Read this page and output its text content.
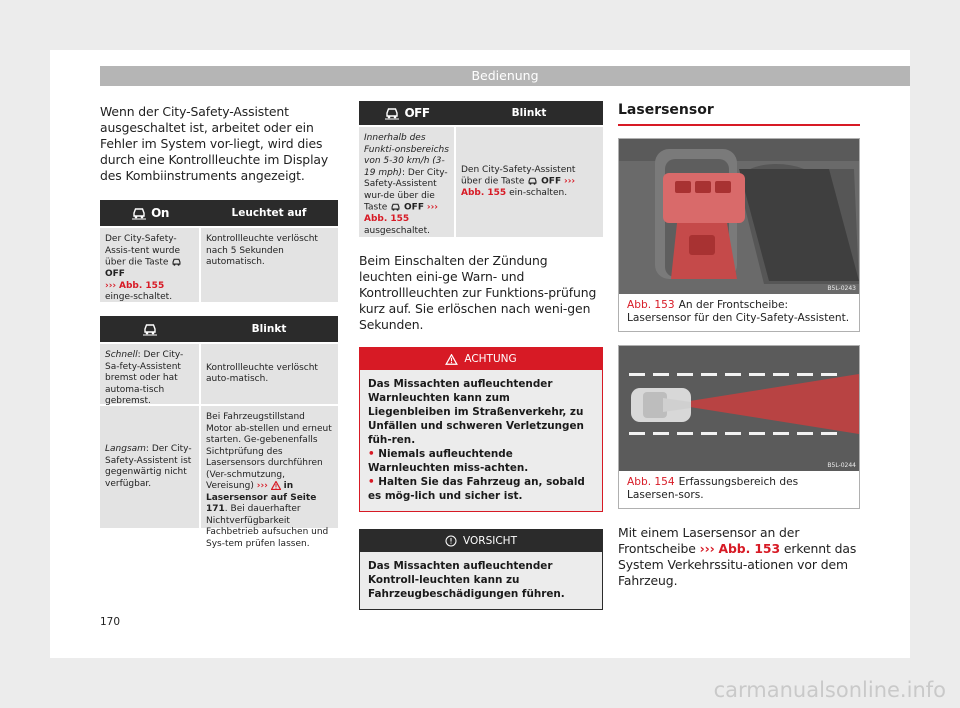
Bedienung

Wenn der City-Safety-Assistent ausgeschaltet ist, arbeitet oder ein Fehler im System vor-liegt, wird dies durch eine Kontrollleuchte im Display des Kombiinstruments angezeigt.

On	Leuchtet auf
Der City-Safety-Assis-tent wurde über die Taste  OFF
››› Abb. 155 einge-schaltet.
Kontrollleuchte verlöscht nach 5 Sekunden automatisch.
Blinkt
Schnell: Der City-Sa-fety-Assistent bremst oder hat automa-tisch gebremst.
Kontrollleuchte verlöscht auto-matisch.
Langsam: Der City-Safety-Assistent ist gegenwärtig nicht verfügbar.
Bei Fahrzeugstillstand Motor ab-stellen und erneut starten. Ge-gebenenfalls Sichtprüfung des Lasersensors durchführen (Ver-schmutzung, Vereisung) ››› in Lasersensor auf Seite 171. Bei dauerhafter Nichtverfügbarkeit Fachbetrieb aufsuchen und Sys-tem prüfen lassen.
OFF	Blinkt
Innerhalb des Funkti-onsbereichs von 5-30 km/h (3-19 mph): Der City-Safety-Assistent wur-de über die Taste OFF ››› Abb. 155 ausgeschaltet.
Den City-Safety-Assistent über die Taste OFF ››› Abb. 155 ein-schalten.

Beim Einschalten der Zündung leuchten eini-ge Warn- und Kontrollleuchten zur Funktions-prüfung kurz auf. Sie erlöschen nach weni-gen Sekunden.

ACHTUNG

Das Missachten aufleuchtender Warnleuchten kann zum Liegenbleiben im Straßenverkehr, zu Unfällen und schweren Verletzungen füh-ren.

• Niemals aufleuchtende Warnleuchten miss-achten.

• Halten Sie das Fahrzeug an, sobald es mög-lich und sicher ist.

VORSICHT

Das Missachten aufleuchtender Kontroll-leuchten kann zu Fahrzeugbeschädigungen führen.

Lasersensor
B5L-0243
Abb. 153 An der Frontscheibe: Lasersensor für den City-Safety-Assistent.
B5L-0244
Abb. 154 Erfassungsbereich des Lasersen-sors.

Mit einem Lasersensor an der Frontscheibe ››› Abb. 153 erkennt das System Verkehrssitu-ationen vor dem Fahrzeug.

170
carmanualsonline.info
